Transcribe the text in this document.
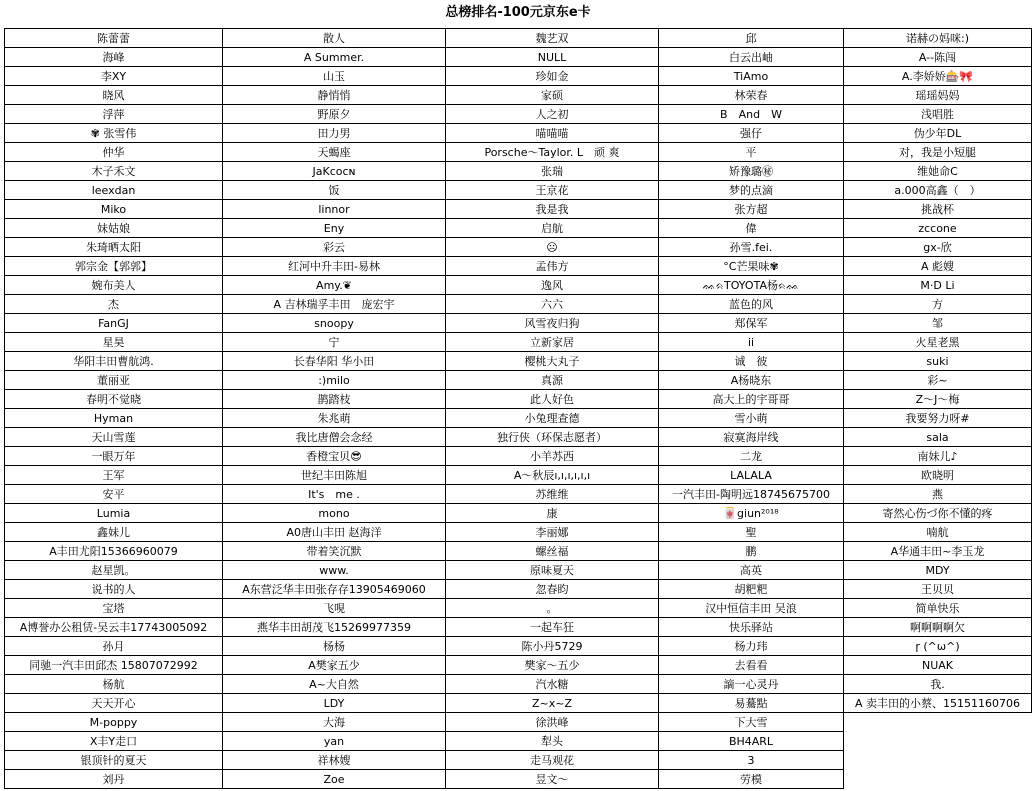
总榜排名-100元京东e卡
陈蕾蕾	散人	魏艺双	邱	诺赫の妈咪:)
海峰	A Summer.	NULL	白云出岫	A--陈闯
李XY	山玉	珍如金	TiAmo	A.李娇娇🎰🎀
晓风	静悄悄	家硕	林荣春	瑶瑶妈妈
浮萍	野原夕	人之初	B　And　W	浅唱胜
✾ 张雪伟	田力男	喵喵喵	强仔	伪少年DL
仲华	天蝎座	Porsche～Taylor. L　顽 爽	平	对，我是小短腿
木子禾文	JaKcocɴ	张瑞	矫豫璐㊙	维她命C
leexdan	饭	王京花	梦的点滴	a.000高鑫（　）
Miko	linnor	我是我	张方超	挑战杯
妹姑娘	Eny	启航	偉	zccone
朱琦晒太阳	彩云	☹	孙雪.fei.	gx-欣
郭宗金【郭郭】	红河中升丰田-易林	孟伟方	°C芒果味✾	A 彪嫂
婉布美人	Amy.❦	逸风	ᨐᨑTOYOTA杨ᨑᨐ	M·D Li
杰	A 吉林瑞孚丰田　庞宏宇	六六	蓝色的风	方
FanGJ	snoopy	风雪夜归狗	郑保军	邹
星昊	宁	立新家居	ii	火星老黑
华阳丰田曹航鸿.	长春华阳 华小田	樱桃大丸子	诚　彼	suki
董丽亚	:)milo	真源	A杨晓东	彩~
春明不觉晓	鹊踏枝	此人好色	高大上的宇哥哥	Z～J～梅
Hyman	朱兆萌	小兔理查德	雪小萌	我要努力呀#
天山雪莲	我比唐僧会念经	独行侠（环保志愿者）	寂寞海岸线	sala
一眼万年	香橙宝贝😎	小羊苏西	二龙	南妹儿♪
王军	世纪丰田陈旭	A～秋辰ı,ı,ı,ı,ı,ı	LALALA	欧晓明
安平	It's　me .	苏维维	一汽丰田-陶明远18745675700	燕
Lumia	mono	康	🀄giun²⁰¹⁸	寄然心伤づ你不懂的疼
鑫妹儿	A0唐山丰田 赵海洋	李丽娜	聖	喃航
A丰田尤阳15366960079	带着笑沉默	螺丝福	鹏	A华通丰田~李玉龙
赵星凯。	www.	原味夏天	高英	MDY
说书的人	A东营泛华丰田张存存13905469060	忽春盷	胡粑粑	王贝贝
宝塔	飞哯	。	汉中恒信丰田 吴浪	简单快乐
A博誉办公租赁-吴云丰17743005092	燕华丰田胡茂飞15269977359	一起车狂	快乐驿站	啊啊啊啊欠
孙月	杨杨	陈小丹5729	杨力玮	ɼ (^ω^)
同驰一汽丰田邱杰 15807072992	A樊家五少	樊家～五少	去看看	NUAK
杨航	A~大自然	汽水糖	謫一心灵丹	我.
天天开心	LDY	Z~x~Z	易驀點	A 卖丰田的小蔡、15151160706
M-poppy	大海	徐洪峰	下大雪	
X丰Y走口	yan	犁头	BH4ARL	
银顶针的夏天	祥林嫂	走马观花	3	
刘丹	Zoe	昱文～	劳模	
